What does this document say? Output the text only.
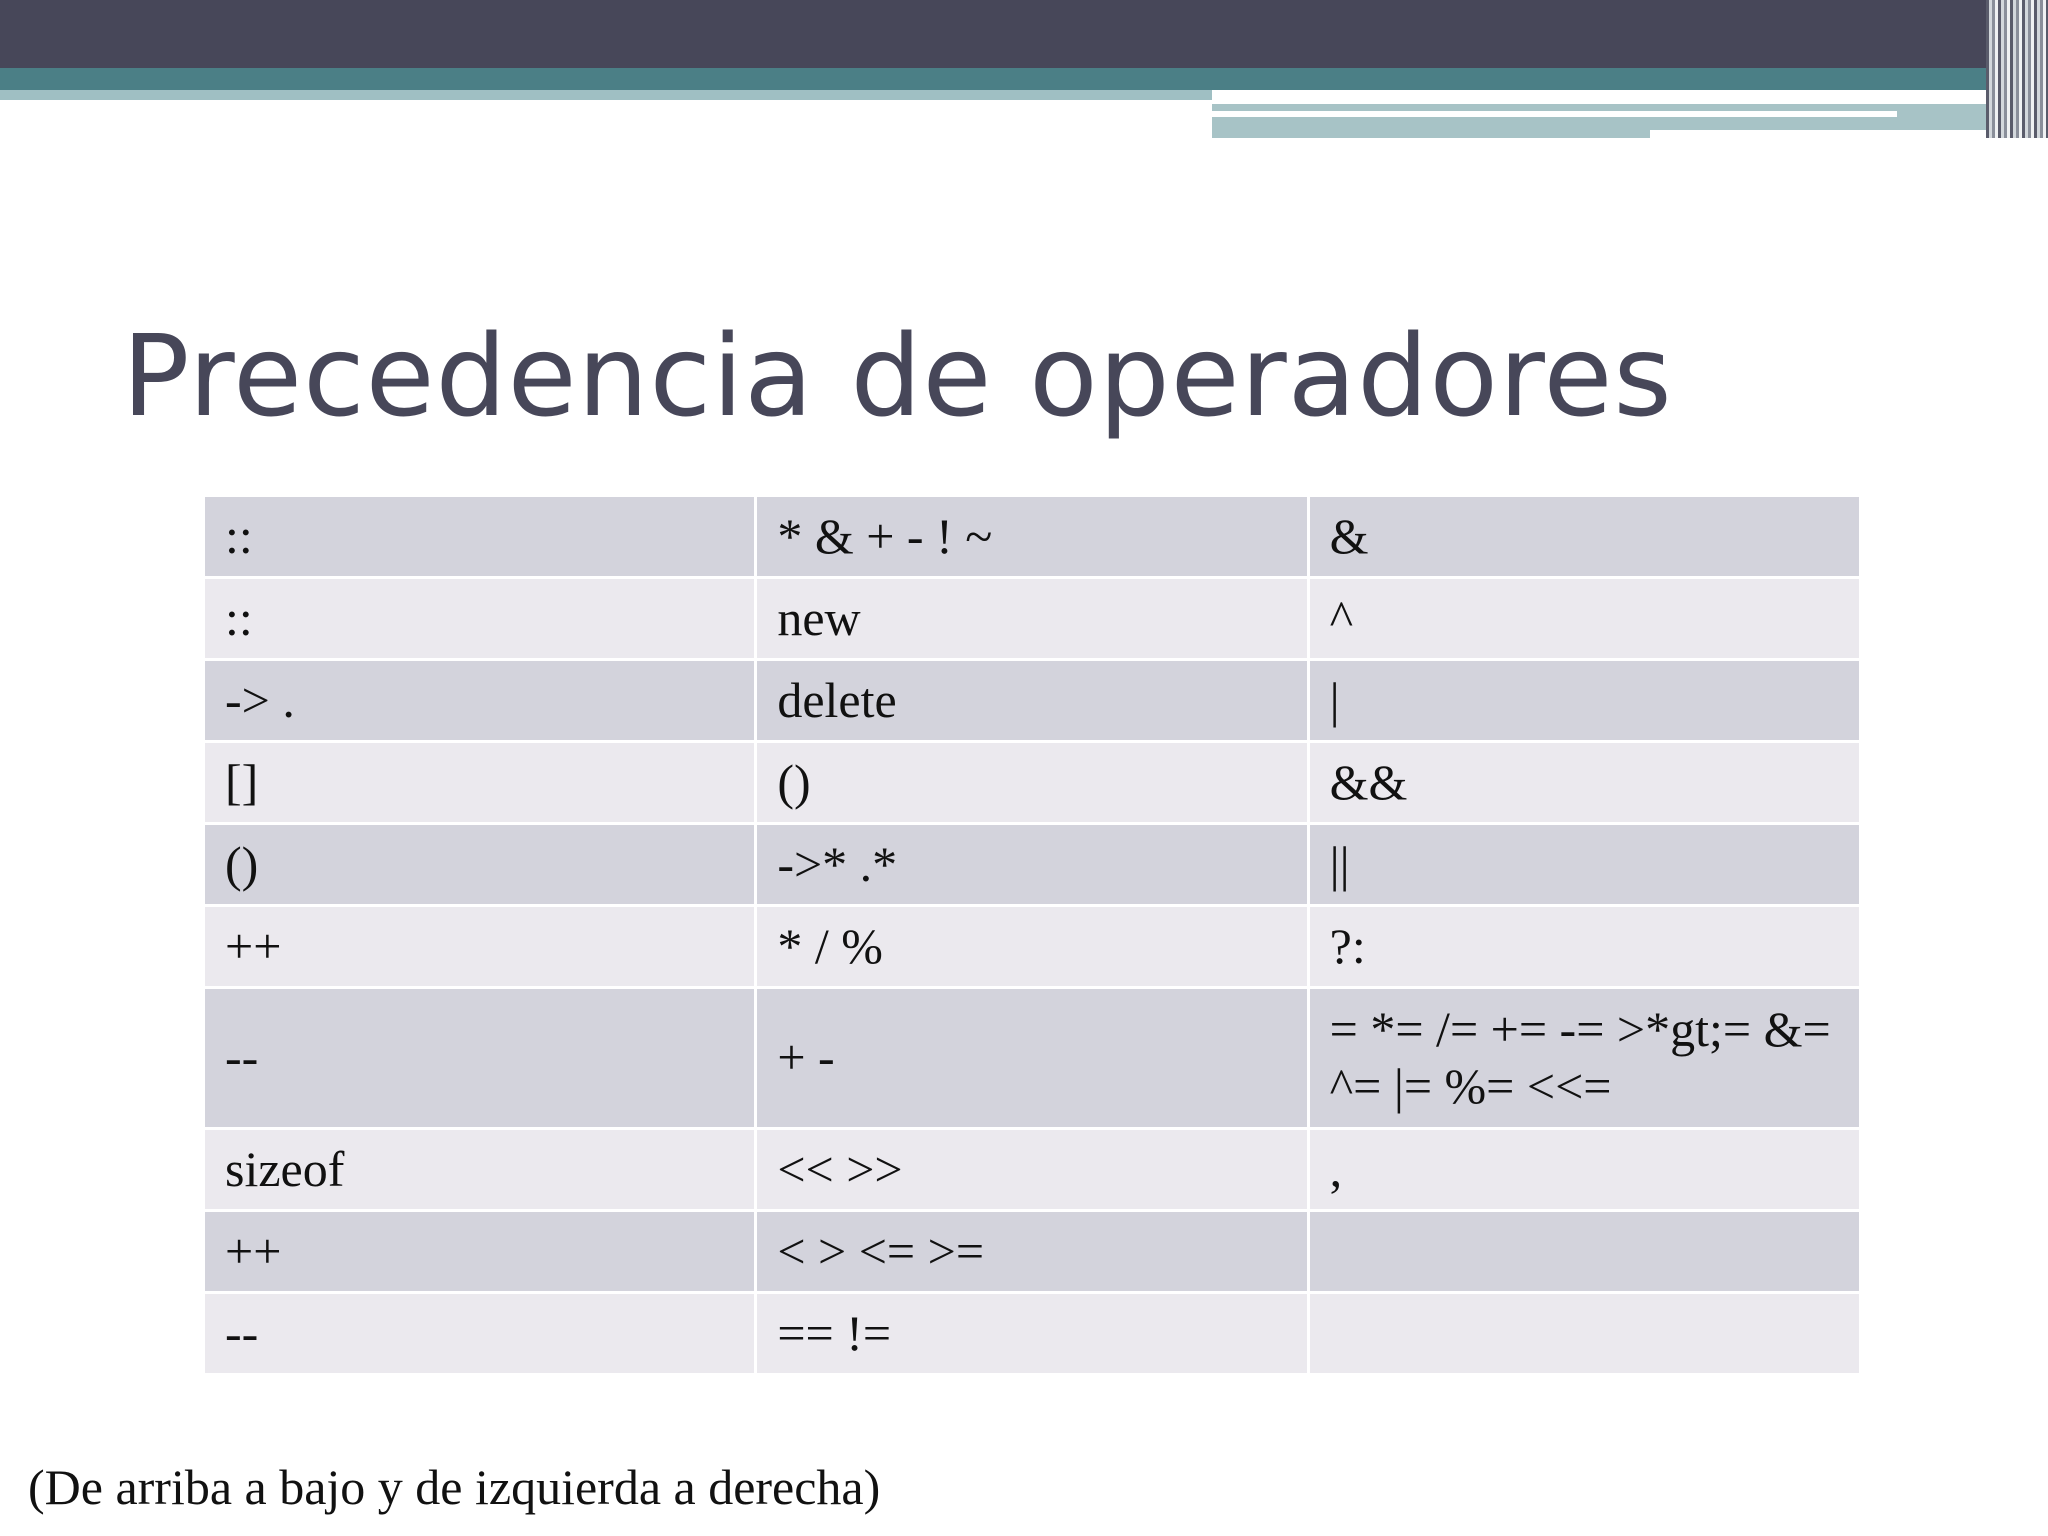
Precedencia de operadores
::	* & + - ! ~	&
::	new	^
-> .	delete	|
[]	()	&&
()	->* .*	||
++	* / %	?:
--	+ -	= *= /= += -= >*gt;= &= ^= |= %= <<=
sizeof	<< >>	,
++	< > <= >=	
--	== !=	
(De arriba a bajo y de izquierda a derecha)
